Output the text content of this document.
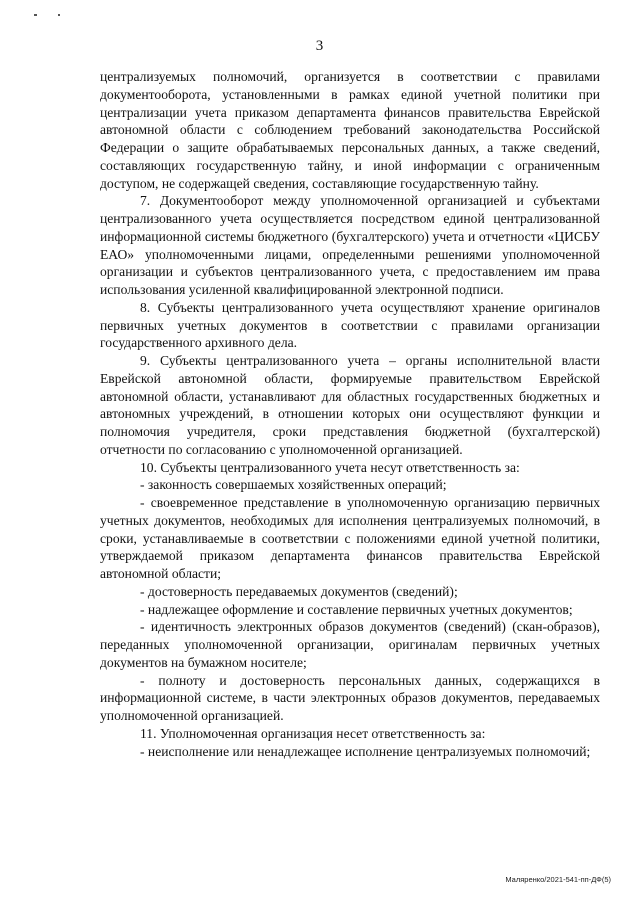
3

централизуемых полномочий, организуется в соответствии с правилами документооборота, установленными в рамках единой учетной политики при централизации учета приказом департамента финансов правительства Еврейской автономной области с соблюдением требований законодательства Российской Федерации о защите обрабатываемых персональных данных, а также сведений, составляющих государственную тайну, и иной информации с ограниченным доступом, не содержащей сведения, составляющие государственную тайну.

7. Документооборот между уполномоченной организацией и субъектами централизованного учета осуществляется посредством единой централизованной информационной системы бюджетного (бухгалтерского) учета и отчетности «ЦИСБУ ЕАО» уполномоченными лицами, определенными решениями уполномоченной организации и субъектов централизованного учета, с предоставлением им права использования усиленной квалифицированной электронной подписи.

8. Субъекты централизованного учета осуществляют хранение оригиналов первичных учетных документов в соответствии с правилами организации государственного архивного дела.

9. Субъекты централизованного учета – органы исполнительной власти Еврейской автономной области, формируемые правительством Еврейской автономной области, устанавливают для областных государственных бюджетных и автономных учреждений, в отношении которых они осуществляют функции и полномочия учредителя, сроки представления бюджетной (бухгалтерской) отчетности по согласованию с уполномоченной организацией.

10. Субъекты централизованного учета несут ответственность за:

- законность совершаемых хозяйственных операций;

- своевременное представление в уполномоченную организацию первичных учетных документов, необходимых для исполнения централизуемых полномочий, в сроки, устанавливаемые в соответствии с положениями единой учетной политики, утверждаемой приказом департамента финансов правительства Еврейской автономной области;

- достоверность передаваемых документов (сведений);

- надлежащее оформление и составление первичных учетных документов;

- идентичность электронных образов документов (сведений) (скан-образов), переданных уполномоченной организации, оригиналам первичных учетных документов на бумажном носителе;

- полноту и достоверность персональных данных, содержащихся в информационной системе, в части электронных образов документов, передаваемых уполномоченной организацией.

11. Уполномоченная организация несет ответственность за:

- неисполнение или ненадлежащее исполнение централизуемых полномочий;

Маляренко/2021-541-пп-ДФ(5)
